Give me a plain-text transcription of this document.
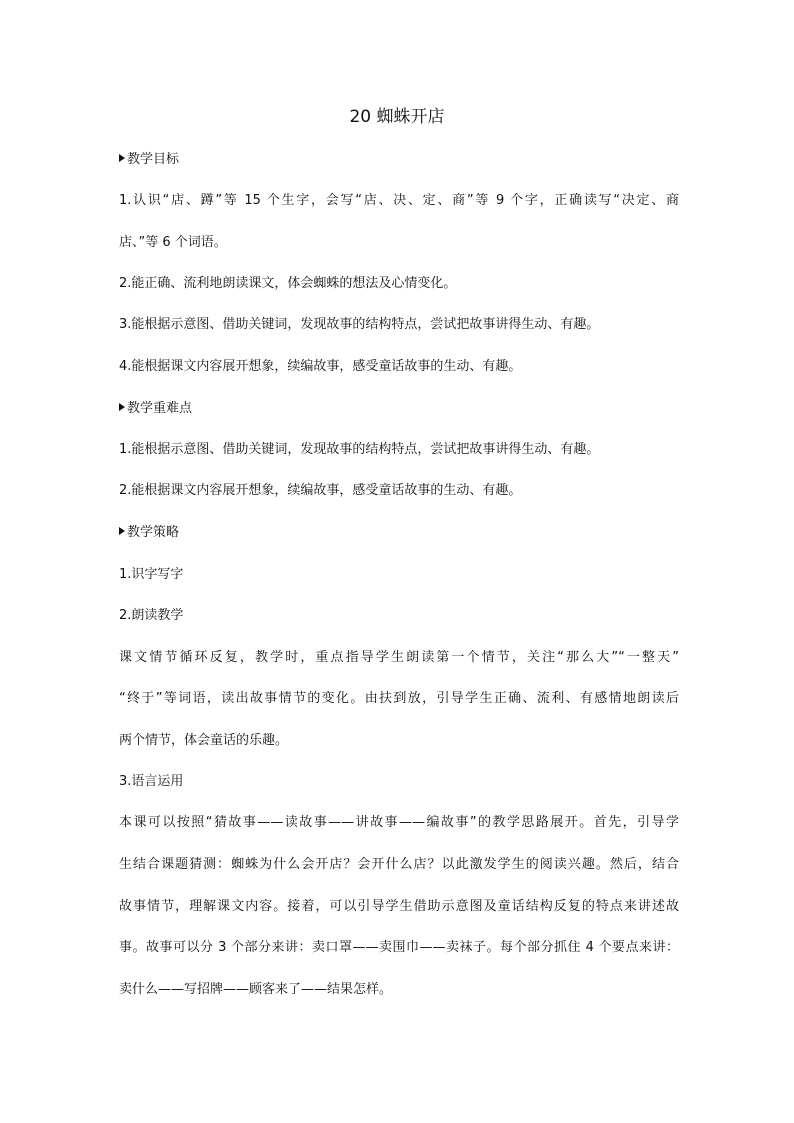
20 蜘蛛开店
教学目标
1.认识“店、蹲”等 15 个生字，会写“店、决、定、商”等 9 个字，正确读写“决定、商
店、”等 6 个词语。
2.能正确、流利地朗读课文，体会蜘蛛的想法及心情变化。
3.能根据示意图、借助关键词，发现故事的结构特点，尝试把故事讲得生动、有趣。
4.能根据课文内容展开想象，续编故事，感受童话故事的生动、有趣。
教学重难点
1.能根据示意图、借助关键词，发现故事的结构特点，尝试把故事讲得生动、有趣。
2.能根据课文内容展开想象，续编故事，感受童话故事的生动、有趣。
教学策略
1.识字写字
2.朗读教学
课文情节循环反复，教学时，重点指导学生朗读第一个情节，关注“那么大”“一整天”
“终于”等词语，读出故事情节的变化。由扶到放，引导学生正确、流利、有感情地朗读后
两个情节，体会童话的乐趣。
3.语言运用
本课可以按照“猜故事——读故事——讲故事——编故事”的教学思路展开。首先，引导学
生结合课题猜测：蜘蛛为什么会开店？会开什么店？以此激发学生的阅读兴趣。然后，结合
故事情节，理解课文内容。接着，可以引导学生借助示意图及童话结构反复的特点来讲述故
事。故事可以分 3 个部分来讲：卖口罩——卖围巾——卖袜子。每个部分抓住 4 个要点来讲：
卖什么——写招牌——顾客来了——结果怎样。
